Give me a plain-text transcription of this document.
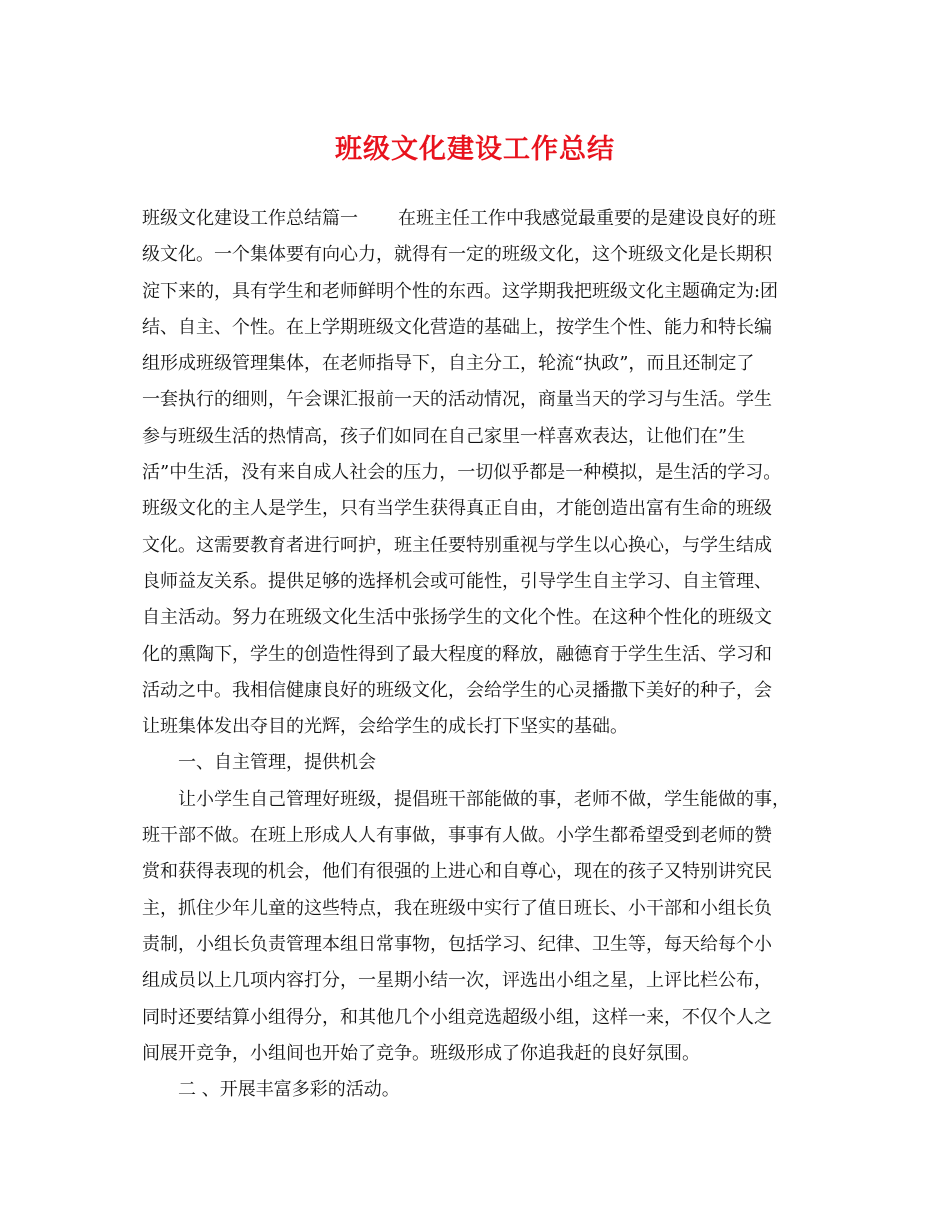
班级文化建设工作总结
班级文化建设工作总结篇一 在班主任工作中我感觉最重要的是建设良好的班
级文化。一个集体要有向心力，就得有一定的班级文化，这个班级文化是长期积
淀下来的，具有学生和老师鲜明个性的东西。这学期我把班级文化主题确定为:团
结、自主、个性。在上学期班级文化营造的基础上，按学生个性、能力和特长编
组形成班级管理集体，在老师指导下，自主分工，轮流“执政”，而且还制定了
一套执行的细则，午会课汇报前一天的活动情况，商量当天的学习与生活。学生
参与班级生活的热情高，孩子们如同在自己家里一样喜欢表达，让他们在”生
活”中生活，没有来自成人社会的压力，一切似乎都是一种模拟，是生活的学习。
班级文化的主人是学生，只有当学生获得真正自由，才能创造出富有生命的班级
文化。这需要教育者进行呵护，班主任要特别重视与学生以心换心，与学生结成
良师益友关系。提供足够的选择机会或可能性，引导学生自主学习、自主管理、
自主活动。努力在班级文化生活中张扬学生的文化个性。在这种个性化的班级文
化的熏陶下，学生的创造性得到了最大程度的释放，融德育于学生生活、学习和
活动之中。我相信健康良好的班级文化，会给学生的心灵播撒下美好的种子，会
让班集体发出夺目的光辉，会给学生的成长打下坚实的基础。
一、自主管理，提供机会
让小学生自己管理好班级，提倡班干部能做的事，老师不做，学生能做的事，
班干部不做。在班上形成人人有事做，事事有人做。小学生都希望受到老师的赞
赏和获得表现的机会，他们有很强的上进心和自尊心，现在的孩子又特别讲究民
主，抓住少年儿童的这些特点，我在班级中实行了值日班长、小干部和小组长负
责制，小组长负责管理本组日常事物，包括学习、纪律、卫生等，每天给每个小
组成员以上几项内容打分，一星期小结一次，评选出小组之星，上评比栏公布，
同时还要结算小组得分，和其他几个小组竞选超级小组，这样一来，不仅个人之
间展开竞争，小组间也开始了竞争。班级形成了你追我赶的良好氛围。
二 、开展丰富多彩的活动。
